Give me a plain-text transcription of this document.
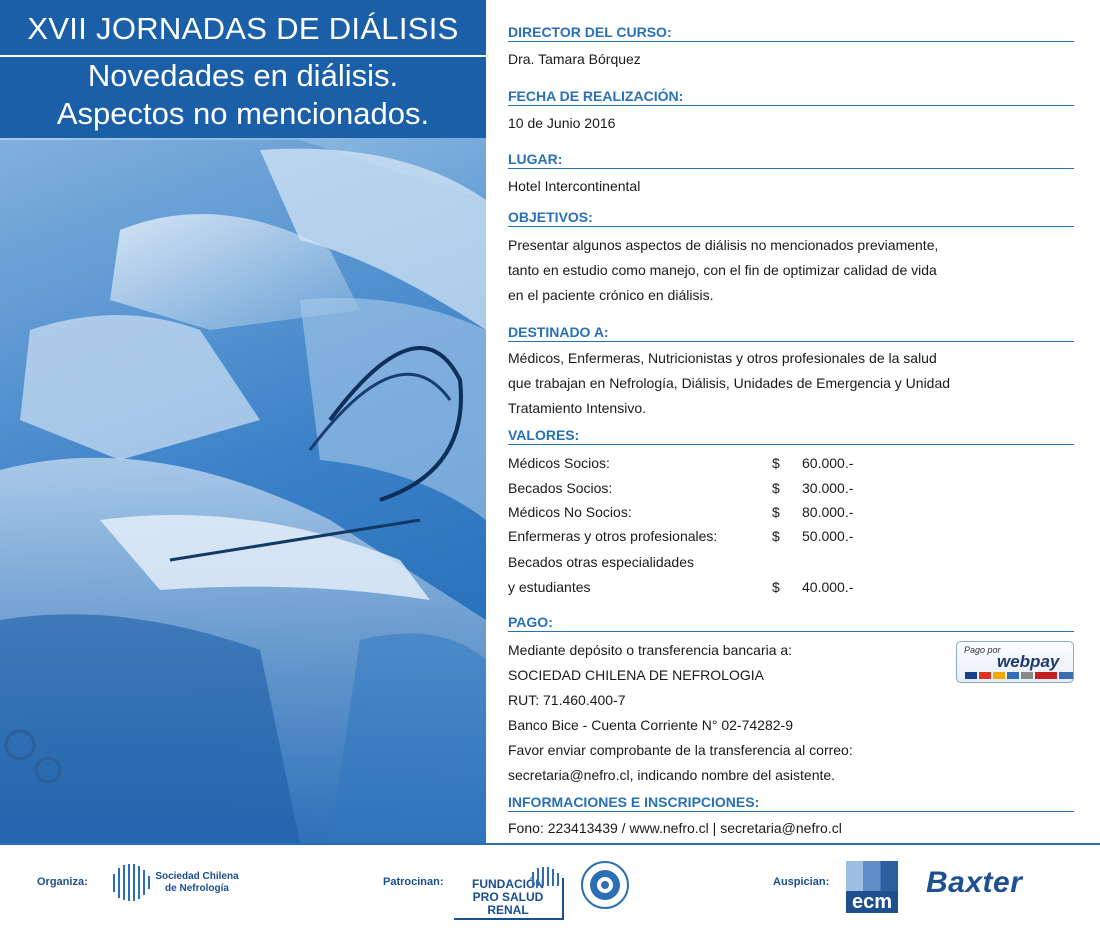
XVII JORNADAS DE DIÁLISIS
Novedades en diálisis.
Aspectos no mencionados.
DIRECTOR DEL CURSO:
Dra. Tamara Bórquez
FECHA DE REALIZACIÓN:
10 de Junio 2016
LUGAR:
Hotel Intercontinental
OBJETIVOS:
Presentar algunos aspectos de diálisis no mencionados previamente,
tanto en estudio como manejo, con el fin de optimizar calidad de vida
en el paciente crónico en diálisis.
DESTINADO A:
Médicos, Enfermeras, Nutricionistas y otros profesionales de la salud
que trabajan en Nefrología, Diálisis, Unidades de Emergencia y Unidad
Tratamiento Intensivo.
VALORES:
Médicos Socios:	$ 60.000.-
Becados Socios:	$ 30.000.-
Médicos No Socios:	$ 80.000.-
Enfermeras y otros profesionales:	$ 50.000.-
Becados otras especialidades
y estudiantes	$ 40.000.-
PAGO:
Mediante depósito o transferencia bancaria a:
SOCIEDAD CHILENA DE NEFROLOGIA
RUT: 71.460.400-7
Banco Bice - Cuenta Corriente N° 02-74282-9
Favor enviar comprobante de la transferencia al correo:
secretaria@nefro.cl, indicando nombre del asistente.
Pago por
webpay
INFORMACIONES E INSCRIPCIONES:
Fono: 223413439 / www.nefro.cl | secretaria@nefro.cl
Organiza:	Sociedad Chilena
de Nefrología
Patrocinan:	FUNDACIÓN
PRO SALUD RENAL
Auspician:
ecm
Baxter
